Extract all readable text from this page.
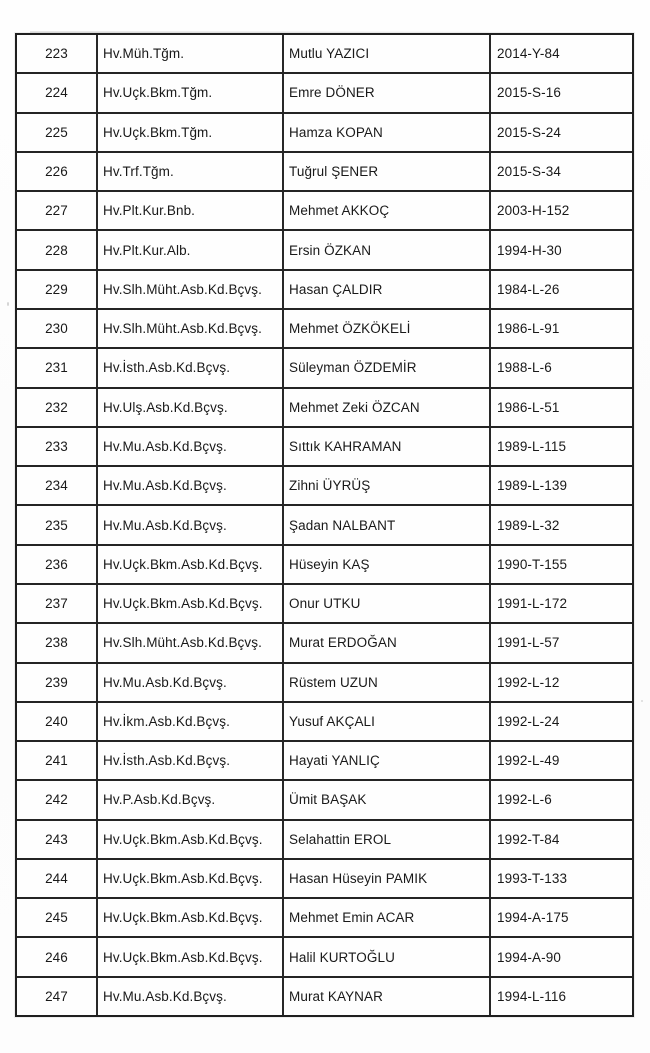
223	Hv.Müh.Tğm.	Mutlu YAZICI	2014-Y-84
224	Hv.Uçk.Bkm.Tğm.	Emre DÖNER	2015-S-16
225	Hv.Uçk.Bkm.Tğm.	Hamza KOPAN	2015-S-24
226	Hv.Trf.Tğm.	Tuğrul ŞENER	2015-S-34
227	Hv.Plt.Kur.Bnb.	Mehmet AKKOÇ	2003-H-152
228	Hv.Plt.Kur.Alb.	Ersin ÖZKAN	1994-H-30
229	Hv.Slh.Müht.Asb.Kd.Bçvş.	Hasan ÇALDIR	1984-L-26
230	Hv.Slh.Müht.Asb.Kd.Bçvş.	Mehmet ÖZKÖKELİ	1986-L-91
231	Hv.İsth.Asb.Kd.Bçvş.	Süleyman ÖZDEMİR	1988-L-6
232	Hv.Ulş.Asb.Kd.Bçvş.	Mehmet Zeki ÖZCAN	1986-L-51
233	Hv.Mu.Asb.Kd.Bçvş.	Sıttık KAHRAMAN	1989-L-115
234	Hv.Mu.Asb.Kd.Bçvş.	Zihni ÜYRÜŞ	1989-L-139
235	Hv.Mu.Asb.Kd.Bçvş.	Şadan NALBANT	1989-L-32
236	Hv.Uçk.Bkm.Asb.Kd.Bçvş.	Hüseyin KAŞ	1990-T-155
237	Hv.Uçk.Bkm.Asb.Kd.Bçvş.	Onur UTKU	1991-L-172
238	Hv.Slh.Müht.Asb.Kd.Bçvş.	Murat ERDOĞAN	1991-L-57
239	Hv.Mu.Asb.Kd.Bçvş.	Rüstem UZUN	1992-L-12
240	Hv.İkm.Asb.Kd.Bçvş.	Yusuf AKÇALI	1992-L-24
241	Hv.İsth.Asb.Kd.Bçvş.	Hayati YANLIÇ	1992-L-49
242	Hv.P.Asb.Kd.Bçvş.	Ümit BAŞAK	1992-L-6
243	Hv.Uçk.Bkm.Asb.Kd.Bçvş.	Selahattin EROL	1992-T-84
244	Hv.Uçk.Bkm.Asb.Kd.Bçvş.	Hasan Hüseyin PAMIK	1993-T-133
245	Hv.Uçk.Bkm.Asb.Kd.Bçvş.	Mehmet Emin ACAR	1994-A-175
246	Hv.Uçk.Bkm.Asb.Kd.Bçvş.	Halil KURTOĞLU	1994-A-90
247	Hv.Mu.Asb.Kd.Bçvş.	Murat KAYNAR	1994-L-116
